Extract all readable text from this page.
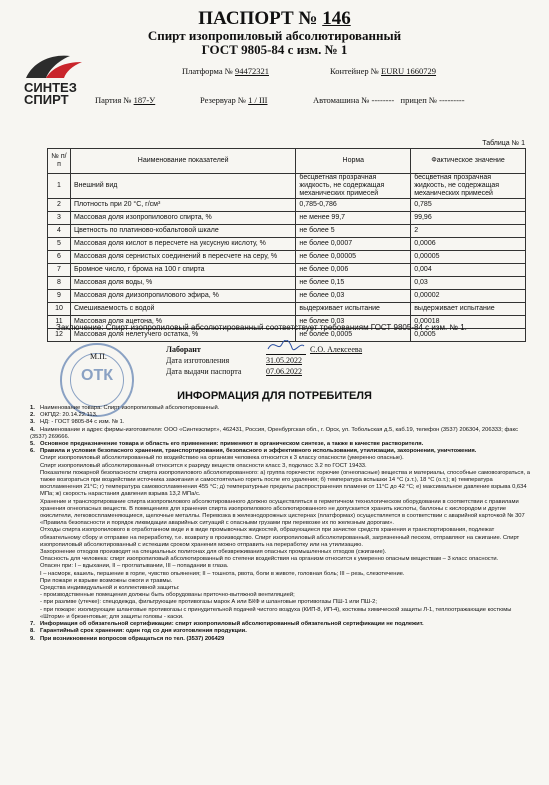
СИНТЕЗ
СПИРТ
ПАСПОРТ № 146
Спирт изопропиловый абсолютированный
ГОСТ 9805-84 с изм. № 1
Платформа № 94472321	Контейнер № EURU 1660729
Партия № 187-У	Резервуар № 1 / III	Автомашина № -------- прицеп № ---------
Таблица № 1
№ п/п	Наименование показателей	Норма	Фактическое значение
1	Внешний вид	бесцветная прозрачная жидкость, не содержащая механических примесей	бесцветная прозрачная жидкость, не содержащая механических примесей
2	Плотность при 20 °С, г/см³	0,785-0,786	0,785
3	Массовая доля изопропилового спирта, %	не менее 99,7	99,96
4	Цветность по платиново-кобальтовой шкале	не более 5	2
5	Массовая доля кислот в пересчете на уксусную кислоту, %	не более 0,0007	0,0006
6	Массовая доля сернистых соединений в пересчете на серу, %	не более 0,00005	0,00005
7	Бромное число, г брома на 100 г спирта	не более 0,006	0,004
8	Массовая доля воды, %	не более 0,15	0,03
9	Массовая доля диизопропилового эфира, %	не более 0,03	0,00002
10	Смешиваемость с водой	выдерживает испытание	выдерживает испытание
11	Массовая доля ацетона, %	не более 0,03	0,00018
12	Массовая доля нелетучего остатка, %	не более 0,0005	0,0005
Заключение: Спирт изопропиловый абсолютированный соответствует требованиям ГОСТ 9805-84 с изм. № 1.
ОТК
М.П.
Лаборант	С.О. Алексеева
Дата изготовления	31.05.2022
Дата выдачи паспорта	07.06.2022
ИНФОРМАЦИЯ ДЛЯ ПОТРЕБИТЕЛЯ

1. Наименование товара: Спирт изопропиловый абсолютированный.

2. ОКПД2: 20.14.22.113.

3. НД: - ГОСТ 9805-84 с изм. № 1.

4. Наименование и адрес фирмы-изготовителя: ООО «Синтезспирт», 462431, Россия, Оренбургская обл., г. Орск, ул. Тобольская д.5, каб.19, телефон (3537) 206304, 206333; факс (3537) 269666.

5. Основное предназначение товара и область его применения: применяют в органическом синтезе, а также в качестве растворителя.

6. Правила и условия безопасного хранения, транспортирования, безопасного и эффективного использования, утилизации, захоронения, уничтожения.

Спирт изопропиловый абсолютированный по воздействию на организм человека относится к 3 классу опасности (умеренно опасные).

Спирт изопропиловый абсолютированный относится к разряду веществ опасности класс 3, подкласс 3.2 по ГОСТ 19433.

Показатели пожарной безопасности спирта изопропилового абсолютированного: а) группа горючести: горючие (огнеопасные) вещества и материалы, способные самовозгораться, а также возгораться при воздействии источника зажигания и самостоятельно гореть после его удаления; б) температура вспышки 14 °С (з.т.), 18 °С (о.т.); в) температура воспламенения 21°С; г) температура самовоспламенения 455 °С; д) температурные пределы распространения пламени от 11°С до 42 °С; е) максимальное давление взрыва 0,634 МПа; ж) скорость нарастания давления взрыва 13,2 МПа/с.

Хранение и транспортирование спирта изопропилового абсолютированного должно осуществляться в герметичном технологическом оборудовании в соответствии с правилами хранения огнеопасных веществ. В помещениях для хранения спирта изопропилового абсолютированного не допускается хранить кислоты, баллоны с кислородом и другие окислители, легковоспламеняющиеся, щелочные металлы. Перевозка в железнодорожных цистернах (платформах) осуществляется в соответствии с аварийной карточкой № 307 «Правила безопасности и порядок ликвидации аварийных ситуаций с опасными грузами при перевозке их по железным дорогам».

Отходы спирта изопропилового в отработанном виде и в виде промывочных жидкостей, образующиеся при зачистке средств хранения и транспортирования, подлежат обязательному сбору и отправке на переработку, т.е. возврату в производство. Спирт изопропиловый абсолютированный, загрязненный песком, отправляют на сжигание. Спирт изопропиловый абсолютированный с истекшим сроком хранения можно отправить на переработку или на утилизацию.

Захоронение отходов производят на специальных полигонах для обезвреживания опасных промышленных отходов (сжигание).

Опасность для человека: спирт изопропиловый абсолютированный по степени воздействия на организм относится к умеренно опасным веществам – 3 класс опасности.

Опасен при: I – вдыхании, II – проглатывании, III – попадании в глаза.

I – насморк, кашель, першение в горле, чувство опьянения; II – тошнота, рвота, боли в животе, головная боль; III – резь, слезотечение.

При пожаре и взрыве возможны ожоги и травмы.

Средства индивидуальной и коллективной защиты:

- производственные помещения должны быть оборудованы приточно-вытяжной вентиляцией;

- при разливе (утечке): спецодежда, фильтрующие противогазы марок А или БКФ и шланговые противогазы ПШ-1 или ПШ-2;

- при пожаре: изолирующие шланговые противогазы с принудительной подачей чистого воздуха (КИП-8, ИП-4), костюмы химической защиты Л-1, теплоотражающие костюмы «Шторм» и брезентовые; для защиты головы - каски.

7. Информация об обязательной сертификации: спирт изопропиловый абсолютированный обязательной сертификации не подлежит.

8. Гарантийный срок хранения: один год со дня изготовления продукции.

9. При возникновении вопросов обращаться по тел. (3537) 206429
